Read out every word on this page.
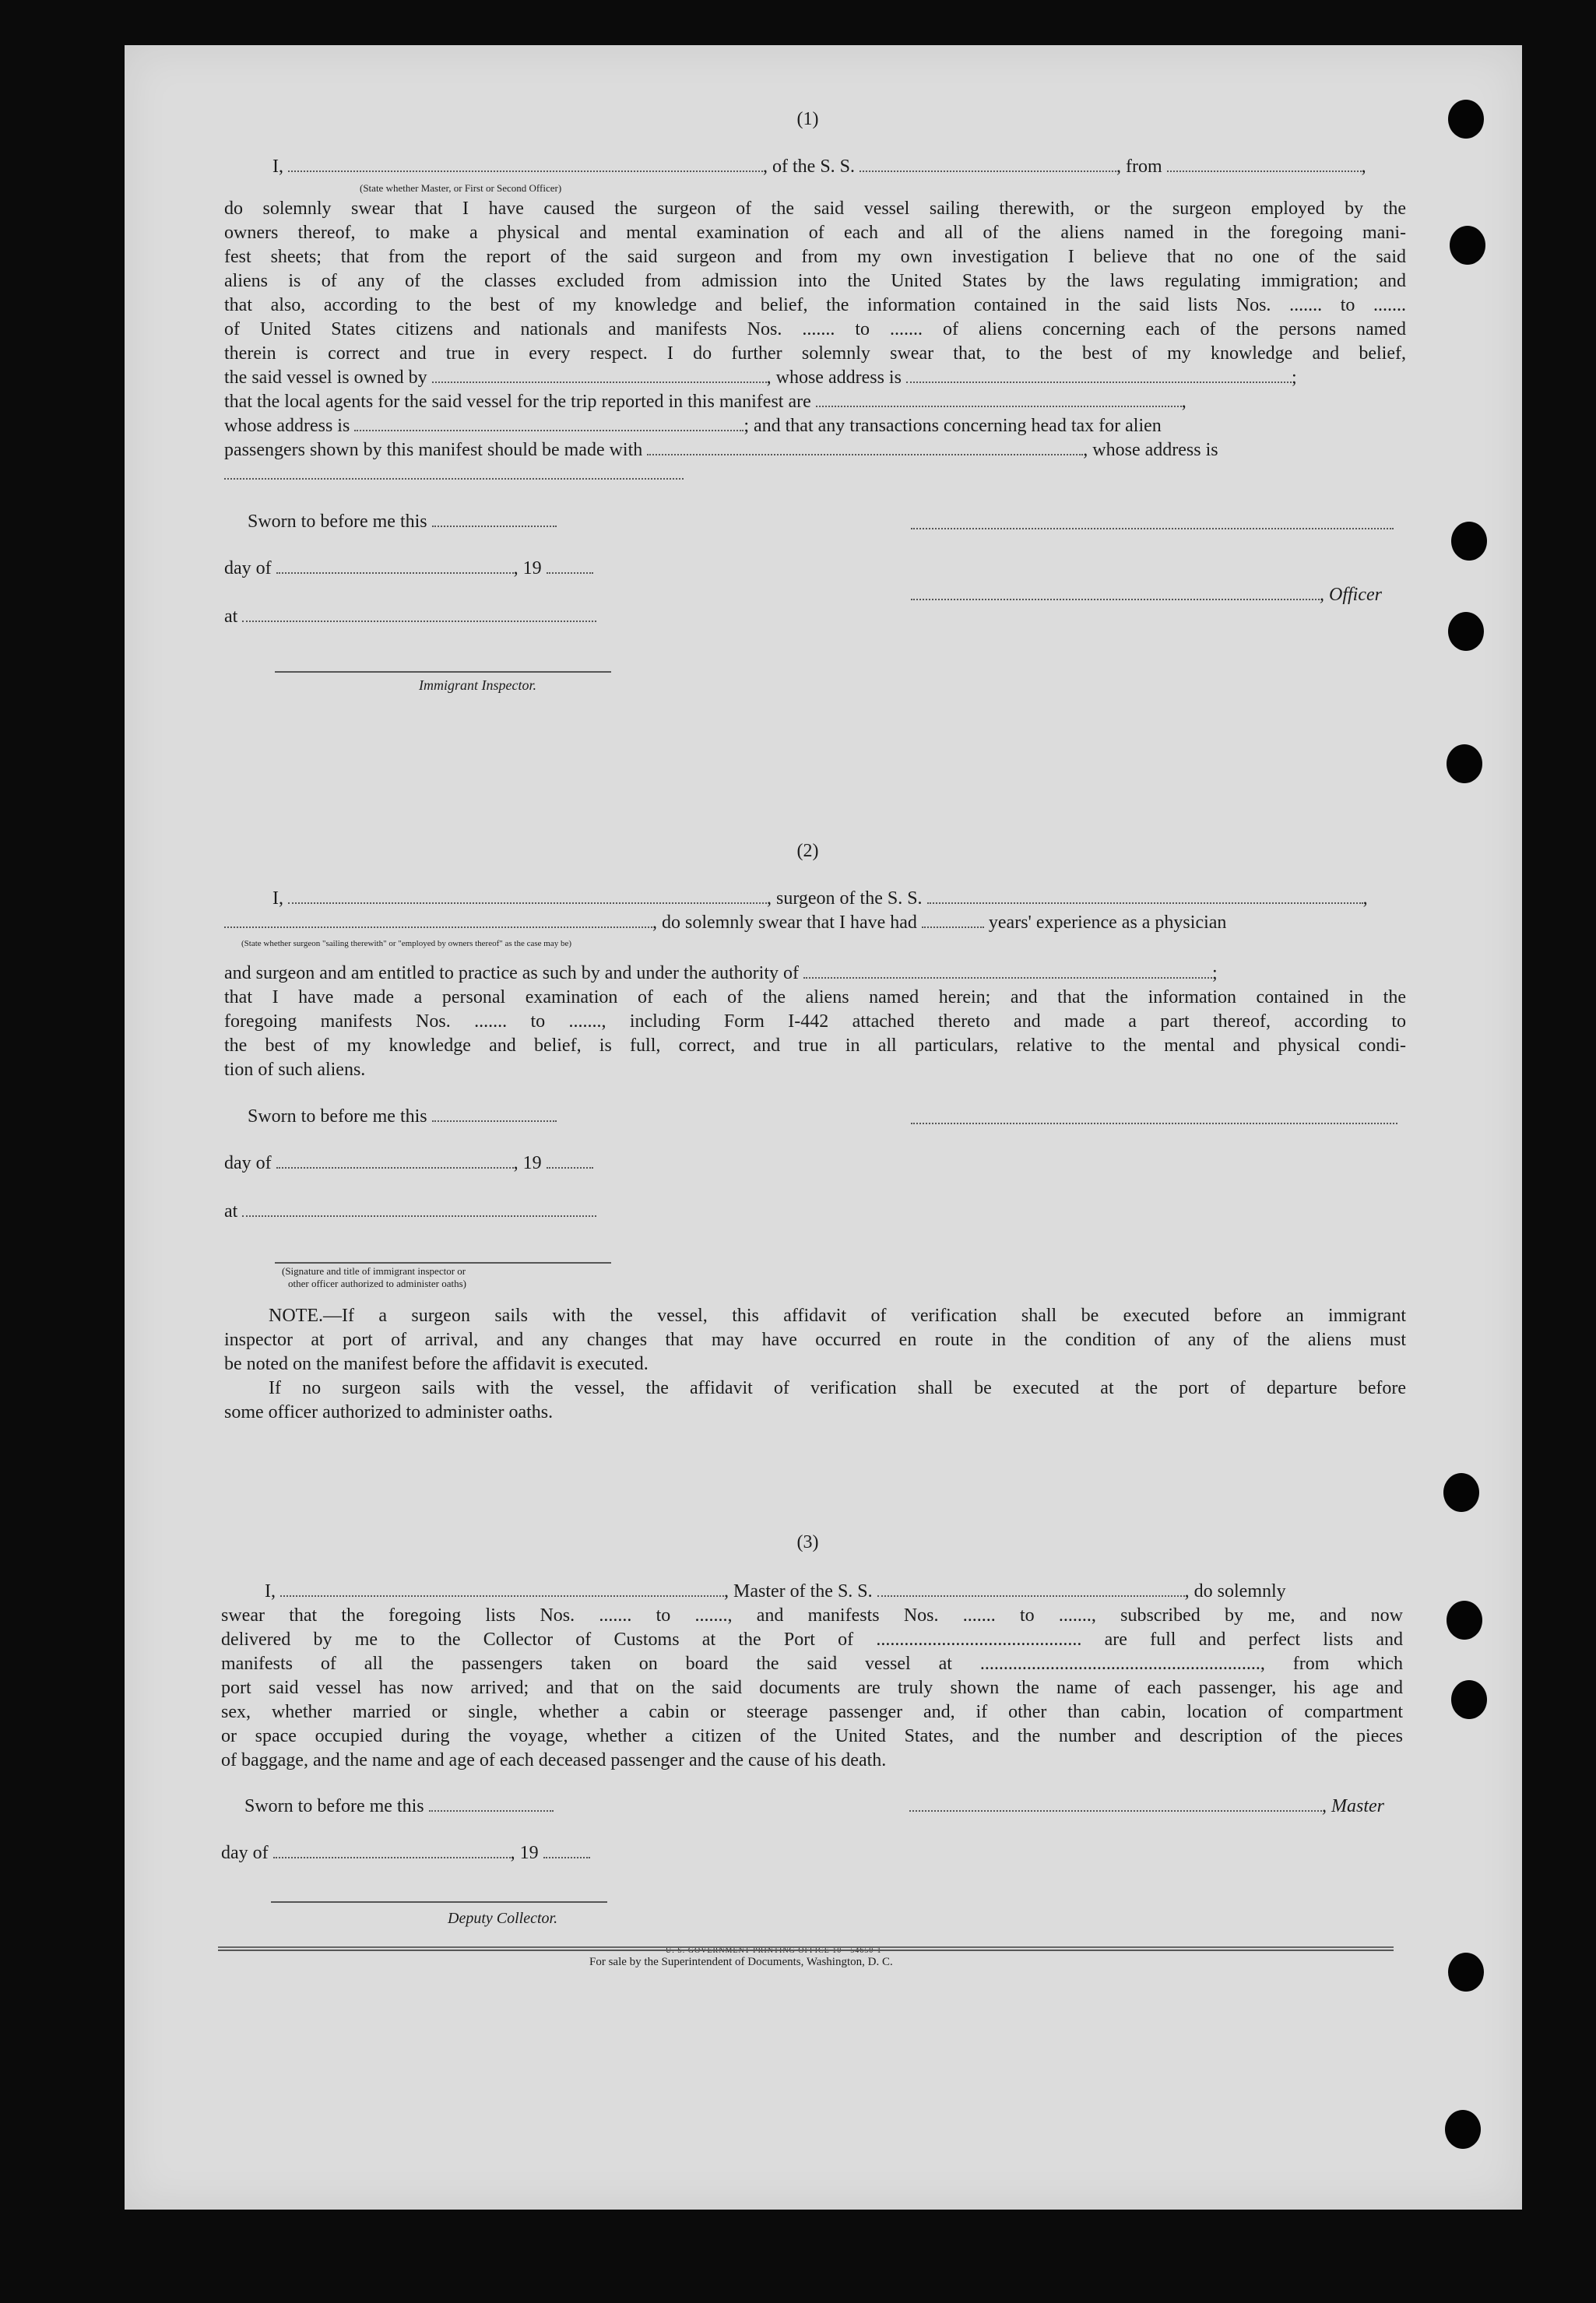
(1)
I,	, of the S. S.	, from	,
(State whether Master, or First or Second Officer)
do solemnly swear that I have caused the surgeon of the said vessel sailing therewith, or the surgeon employed by the
owners thereof, to make a physical and mental examination of each and all of the aliens named in the foregoing mani-
fest sheets; that from the report of the said surgeon and from my own investigation I believe that no one of the said
aliens is of any of the classes excluded from admission into the United States by the laws regulating immigration; and
that also, according to the best of my knowledge and belief, the information contained in the said lists Nos. ....... to .......
of United States citizens and nationals and manifests Nos. ....... to ....... of aliens concerning each of the persons named
therein is correct and true in every respect. I do further solemnly swear that, to the best of my knowledge and belief,
the said vessel is owned by	, whose address is	;
that the local agents for the said vessel for the trip reported in this manifest are	,
whose address is	; and that any transactions concerning head tax for alien
passengers shown by this manifest should be made with	, whose address is
Sworn to before me this
day of	, 19
, Officer
at
Immigrant Inspector.
(2)
I,	, surgeon of the S. S.	,
, do solemnly swear that I have had	years' experience as a physician
(State whether surgeon "sailing therewith" or "employed by owners thereof" as the case may be)
and surgeon and am entitled to practice as such by and under the authority of	;
that I have made a personal examination of each of the aliens named herein; and that the information contained in the
foregoing manifests Nos. ....... to ......., including Form I-442 attached thereto and made a part thereof, according to
the best of my knowledge and belief, is full, correct, and true in all particulars, relative to the mental and physical condi-
tion of such aliens.
Sworn to before me this
day of	, 19
at
(Signature and title of immigrant inspector or
other officer authorized to administer oaths)
NOTE.—If a surgeon sails with the vessel, this affidavit of verification shall be executed before an immigrant
inspector at port of arrival, and any changes that may have occurred en route in the condition of any of the aliens must
be noted on the manifest before the affidavit is executed.
If no surgeon sails with the vessel, the affidavit of verification shall be executed at the port of departure before
some officer authorized to administer oaths.
(3)
I,	, Master of the S. S.	, do solemnly
swear that the foregoing lists Nos. ....... to ......., and manifests Nos. ....... to ......., subscribed by me, and now
delivered by me to the Collector of Customs at the Port of ............................................ are full and perfect lists and
manifests of all the passengers taken on board the said vessel at ............................................................, from which
port said vessel has now arrived; and that on the said documents are truly shown the name of each passenger, his age and
sex, whether married or single, whether a cabin or steerage passenger and, if other than cabin, location of compartment
or space occupied during the voyage, whether a citizen of the United States, and the number and description of the pieces
of baggage, and the name and age of each deceased passenger and the cause of his death.
Sworn to before me this	, Master
day of	, 19
Deputy Collector.
U. S. GOVERNMENT PRINTING OFFICE 10—54650-1
For sale by the Superintendent of Documents, Washington, D. C.
